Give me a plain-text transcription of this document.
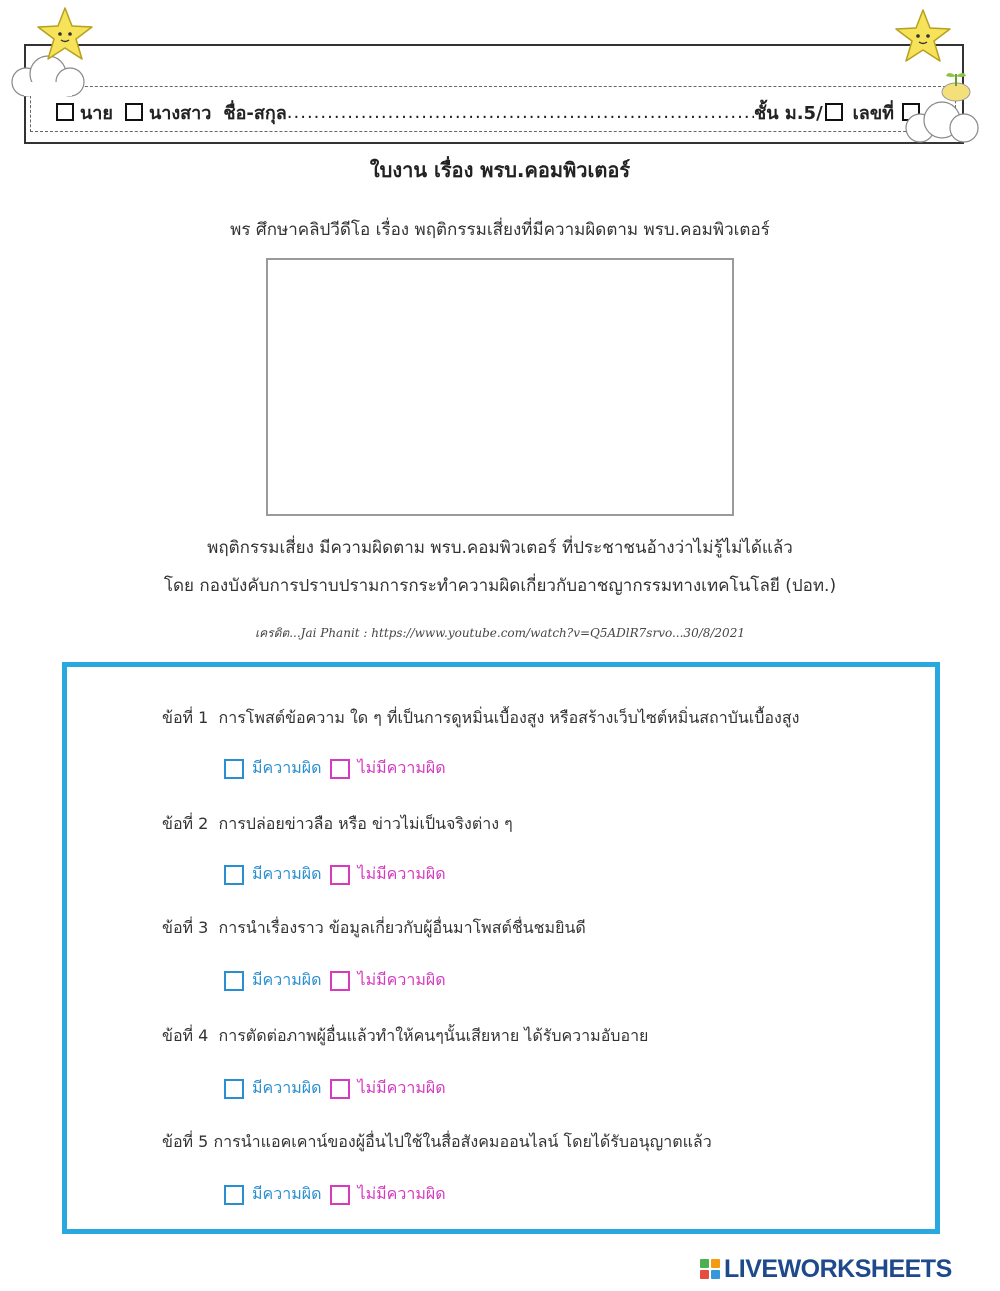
นาย นางสาว ชื่อ-สกุล
.....	ชั้น ม.5/ เลขที่
ใบงาน เรื่อง พรบ.คอมพิวเตอร์
พร ศึกษาคลิปวีดีโอ เรื่อง พฤติกรรมเสี่ยงที่มีความผิดตาม พรบ.คอมพิวเตอร์
พฤติกรรมเสี่ยง มีความผิดตาม พรบ.คอมพิวเตอร์ ที่ประชาชนอ้างว่าไม่รู้ไม่ได้แล้ว
โดย กองบังคับการปราบปรามการกระทำความผิดเกี่ยวกับอาชญากรรมทางเทคโนโลยี (ปอท.)
เครดิต...Jai Phanit : https://www.youtube.com/watch?v=Q5ADlR7srvo...30/8/2021
ข้อที่ 1 การโพสต์ข้อความ ใด ๆ ที่เป็นการดูหมิ่นเบื้องสูง หรือสร้างเว็บไซต์หมิ่นสถาบันเบื้องสูง
มีความผิด ไม่มีความผิด
ข้อที่ 2 การปล่อยข่าวลือ หรือ ข่าวไม่เป็นจริงต่าง ๆ
มีความผิด ไม่มีความผิด
ข้อที่ 3 การนำเรื่องราว ข้อมูลเกี่ยวกับผู้อื่นมาโพสต์ชื่นชมยินดี
มีความผิด ไม่มีความผิด
ข้อที่ 4 การตัดต่อภาพผู้อื่นแล้วทำให้คนๆนั้นเสียหาย ได้รับความอับอาย
มีความผิด ไม่มีความผิด
ข้อที่ 5 การนำแอคเคาน์ของผู้อื่นไปใช้ในสื่อสังคมออนไลน์ โดยได้รับอนุญาตแล้ว
มีความผิด ไม่มีความผิด
LIVEWORKSHEETS
